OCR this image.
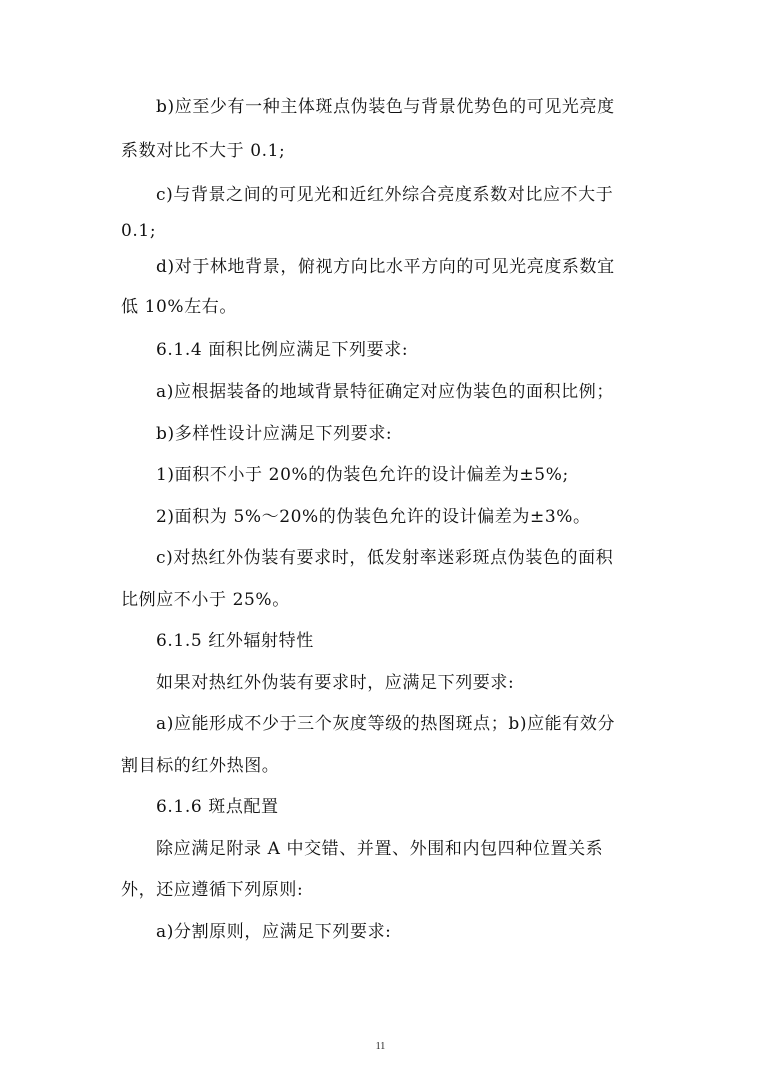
b)应至少有一种主体斑点伪装色与背景优势色的可见光亮度
系数对比不大于 0.1;
c)与背景之间的可见光和近红外综合亮度系数对比应不大于
0.1;
d)对于林地背景，俯视方向比水平方向的可见光亮度系数宜
低 10%左右。
6.1.4 面积比例应满足下列要求:
a)应根据装备的地域背景特征确定对应伪装色的面积比例；
b)多样性设计应满足下列要求:
1)面积不小于 20%的伪装色允许的设计偏差为±5%;
2)面积为 5%～20%的伪装色允许的设计偏差为±3%。
c)对热红外伪装有要求时，低发射率迷彩斑点伪装色的面积
比例应不小于 25%。
6.1.5 红外辐射特性
如果对热红外伪装有要求时，应满足下列要求:
a)应能形成不少于三个灰度等级的热图斑点；b)应能有效分
割目标的红外热图。
6.1.6 斑点配置
除应满足附录 A 中交错、并置、外围和内包四种位置关系
外，还应遵循下列原则:
a)分割原则，应满足下列要求:
11
